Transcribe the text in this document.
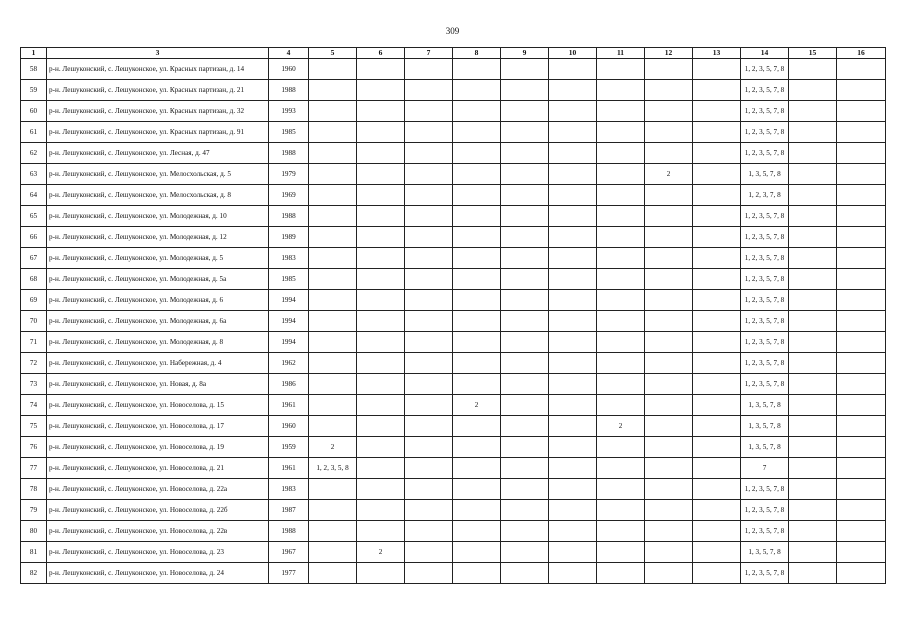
309
1	3	4	5	6	7	8	9	10	11	12	13	14	15	16
58	р-н. Лешуконский, с. Лешуконское, ул. Красных партизан, д. 14	1960										1, 2, 3, 5, 7, 8		
59	р-н. Лешуконский, с. Лешуконское, ул. Красных партизан, д. 21	1988										1, 2, 3, 5, 7, 8		
60	р-н. Лешуконский, с. Лешуконское, ул. Красных партизан, д. 32	1993										1, 2, 3, 5, 7, 8		
61	р-н. Лешуконский, с. Лешуконское, ул. Красных партизан, д. 91	1985										1, 2, 3, 5, 7, 8		
62	р-н. Лешуконский, с. Лешуконское, ул. Лесная, д. 47	1988										1, 2, 3, 5, 7, 8		
63	р-н. Лешуконский, с. Лешуконское, ул. Мелосхольская, д. 5	1979								2		1, 3, 5, 7, 8		
64	р-н. Лешуконский, с. Лешуконское, ул. Мелосхольская, д. 8	1969										1, 2, 3, 7, 8		
65	р-н. Лешуконский, с. Лешуконское, ул. Молодежная, д. 10	1988										1, 2, 3, 5, 7, 8		
66	р-н. Лешуконский, с. Лешуконское, ул. Молодежная, д. 12	1989										1, 2, 3, 5, 7, 8		
67	р-н. Лешуконский, с. Лешуконское, ул. Молодежная, д. 5	1983										1, 2, 3, 5, 7, 8		
68	р-н. Лешуконский, с. Лешуконское, ул. Молодежная, д. 5а	1985										1, 2, 3, 5, 7, 8		
69	р-н. Лешуконский, с. Лешуконское, ул. Молодежная, д. 6	1994										1, 2, 3, 5, 7, 8		
70	р-н. Лешуконский, с. Лешуконское, ул. Молодежная, д. 6а	1994										1, 2, 3, 5, 7, 8		
71	р-н. Лешуконский, с. Лешуконское, ул. Молодежная, д. 8	1994										1, 2, 3, 5, 7, 8		
72	р-н. Лешуконский, с. Лешуконское, ул. Набережная, д. 4	1962										1, 2, 3, 5, 7, 8		
73	р-н. Лешуконский, с. Лешуконское, ул. Новая, д. 8а	1986										1, 2, 3, 5, 7, 8		
74	р-н. Лешуконский, с. Лешуконское, ул. Новоселова, д. 15	1961				2						1, 3, 5, 7, 8		
75	р-н. Лешуконский, с. Лешуконское, ул. Новоселова, д. 17	1960							2			1, 3, 5, 7, 8		
76	р-н. Лешуконский, с. Лешуконское, ул. Новоселова, д. 19	1959	2									1, 3, 5, 7, 8		
77	р-н. Лешуконский, с. Лешуконское, ул. Новоселова, д. 21	1961	1, 2, 3, 5, 8									7		
78	р-н. Лешуконский, с. Лешуконское, ул. Новоселова, д. 22а	1983										1, 2, 3, 5, 7, 8		
79	р-н. Лешуконский, с. Лешуконское, ул. Новоселова, д. 22б	1987										1, 2, 3, 5, 7, 8		
80	р-н. Лешуконский, с. Лешуконское, ул. Новоселова, д. 22в	1988										1, 2, 3, 5, 7, 8		
81	р-н. Лешуконский, с. Лешуконское, ул. Новоселова, д. 23	1967		2								1, 3, 5, 7, 8		
82	р-н. Лешуконский, с. Лешуконское, ул. Новоселова, д. 24	1977										1, 2, 3, 5, 7, 8		
